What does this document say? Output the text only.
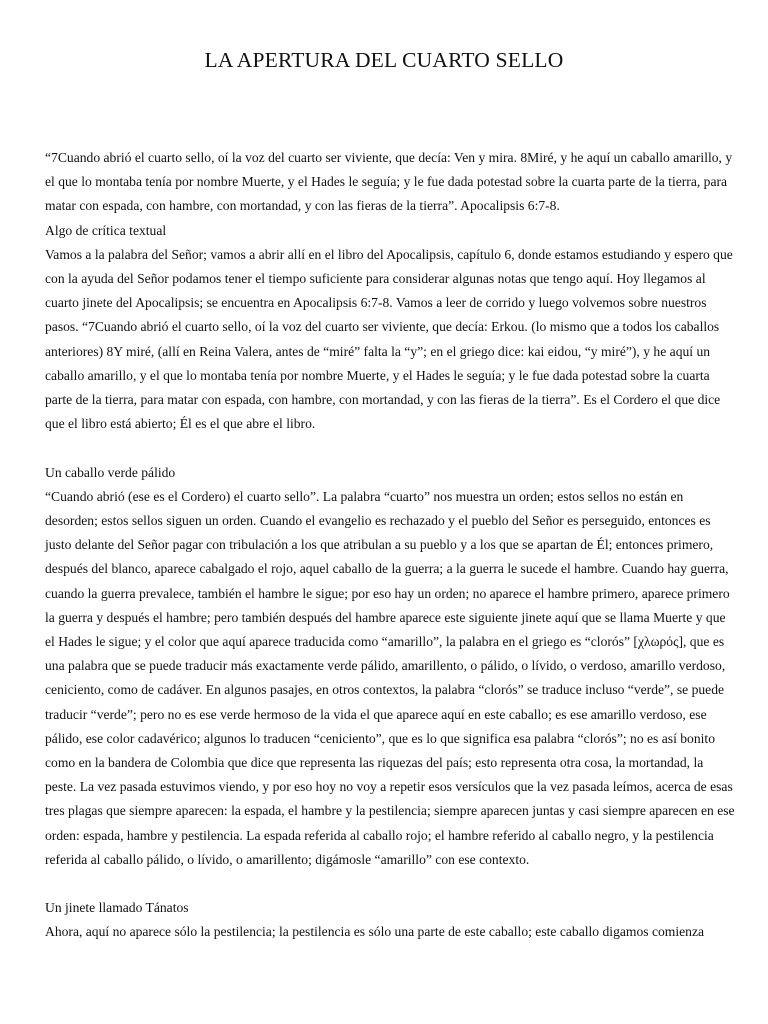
LA APERTURA DEL CUARTO SELLO

“7Cuando abrió el cuarto sello, oí la voz del cuarto ser viviente, que decía: Ven y mira. 8Miré, y he aquí un caballo amarillo, y el que lo montaba tenía por nombre Muerte, y el Hades le seguía; y le fue dada potestad sobre la cuarta parte de la tierra, para matar con espada, con hambre, con mortandad, y con las fieras de la tierra”. Apocalipsis 6:7-8.

Algo de crítica textual

Vamos a la palabra del Señor; vamos a abrir allí en el libro del Apocalipsis, capítulo 6, donde estamos estudiando y espero que con la ayuda del Señor podamos tener el tiempo suficiente para considerar algunas notas que tengo aquí. Hoy llegamos al cuarto jinete del Apocalipsis; se encuentra en Apocalipsis 6:7-8. Vamos a leer de corrido y luego volvemos sobre nuestros pasos. “7Cuando abrió el cuarto sello, oí la voz del cuarto ser viviente, que decía: Erkou. (lo mismo que a todos los caballos anteriores) 8Y miré, (allí en Reina Valera, antes de “miré” falta la “y”; en el griego dice: kai eidou, “y miré”), y he aquí un caballo amarillo, y el que lo montaba tenía por nombre Muerte, y el Hades le seguía; y le fue dada potestad sobre la cuarta parte de la tierra, para matar con espada, con hambre, con mortandad, y con las fieras de la tierra”. Es el Cordero el que dice que el libro está abierto; Él es el que abre el libro.

Un caballo verde pálido

“Cuando abrió (ese es el Cordero) el cuarto sello”. La palabra “cuarto” nos muestra un orden; estos sellos no están en desorden; estos sellos siguen un orden. Cuando el evangelio es rechazado y el pueblo del Señor es perseguido, entonces es justo delante del Señor pagar con tribulación a los que atribulan a su pueblo y a los que se apartan de Él; entonces primero, después del blanco, aparece cabalgado el rojo, aquel caballo de la guerra; a la guerra le sucede el hambre. Cuando hay guerra, cuando la guerra prevalece, también el hambre le sigue; por eso hay un orden; no aparece el hambre primero, aparece primero la guerra y después el hambre; pero también después del hambre aparece este siguiente jinete aquí que se llama Muerte y que el Hades le sigue; y el color que aquí aparece traducida como “amarillo”, la palabra en el griego es “clorós” [χλωρός], que es una palabra que se puede traducir más exactamente verde pálido, amarillento, o pálido, o lívido, o verdoso, amarillo verdoso, ceniciento, como de cadáver. En algunos pasajes, en otros contextos, la palabra “clorós” se traduce incluso “verde”, se puede traducir “verde”; pero no es ese verde hermoso de la vida el que aparece aquí en este caballo; es ese amarillo verdoso, ese pálido, ese color cadavérico; algunos lo traducen “ceniciento”, que es lo que significa esa palabra “clorós”; no es así bonito como en la bandera de Colombia que dice que representa las riquezas del país; esto representa otra cosa, la mortandad, la peste. La vez pasada estuvimos viendo, y por eso hoy no voy a repetir esos versículos que la vez pasada leímos, acerca de esas tres plagas que siempre aparecen: la espada, el hambre y la pestilencia; siempre aparecen juntas y casi siempre aparecen en ese orden: espada, hambre y pestilencia. La espada referida al caballo rojo; el hambre referido al caballo negro, y la pestilencia referida al caballo pálido, o lívido, o amarillento; digámosle “amarillo” con ese contexto.

Un jinete llamado Tánatos

Ahora, aquí no aparece sólo la pestilencia; la pestilencia es sólo una parte de este caballo; este caballo digamos comienza
